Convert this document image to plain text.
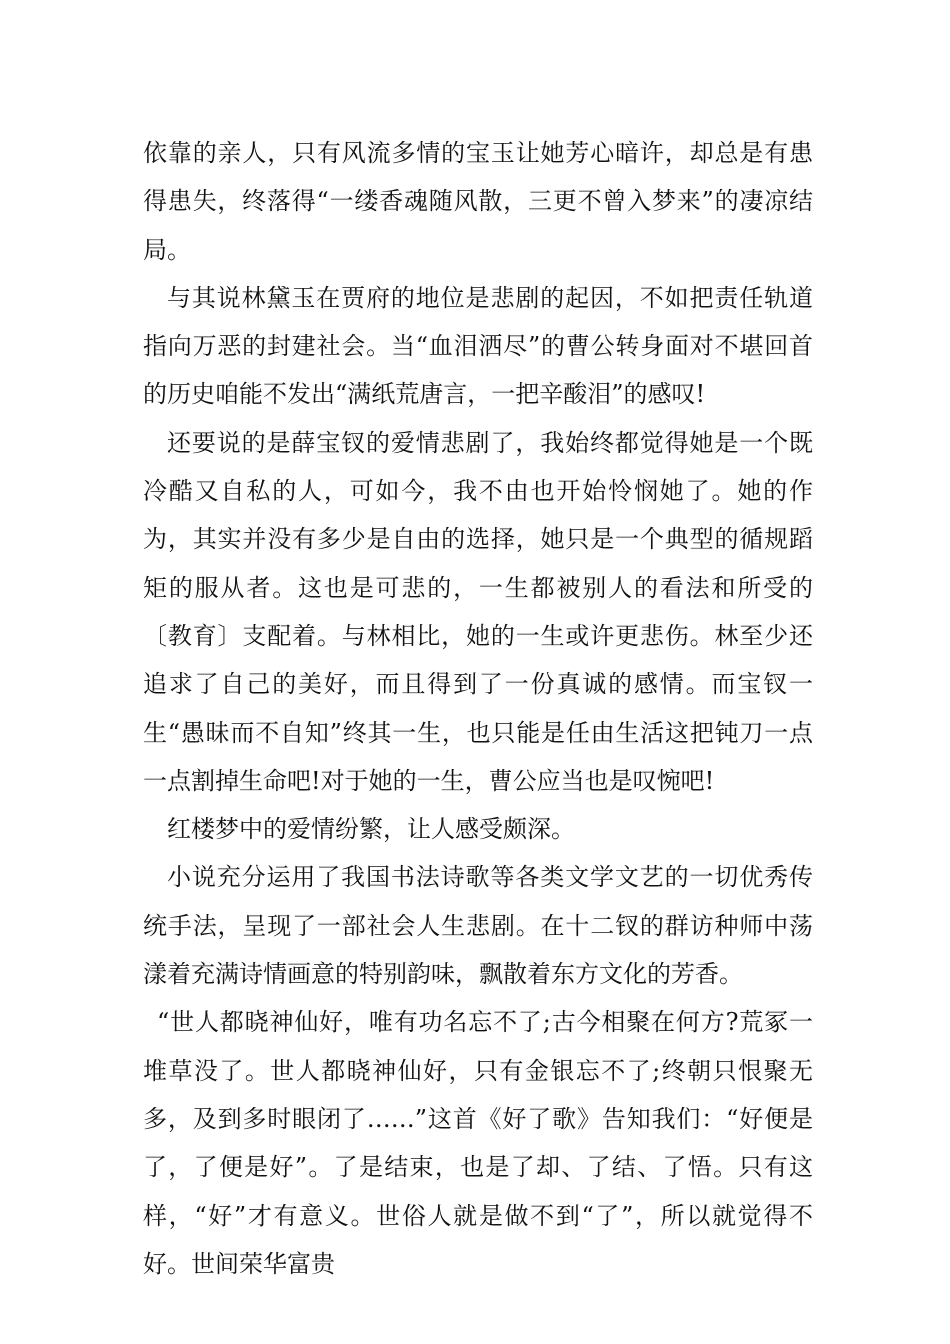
依靠的亲人，只有风流多情的宝玉让她芳心暗许，却总是有患得患失，终落得“一缕香魂随风散，三更不曾入梦来”的凄凉结局。

与其说林黛玉在贾府的地位是悲剧的起因，不如把责任轨道指向万恶的封建社会。当“血泪洒尽”的曹公转身面对不堪回首的历史咱能不发出“满纸荒唐言，一把辛酸泪”的感叹!

还要说的是薛宝钗的爱情悲剧了，我始终都觉得她是一个既冷酷又自私的人，可如今，我不由也开始怜悯她了。她的作为，其实并没有多少是自由的选择，她只是一个典型的循规蹈矩的服从者。这也是可悲的，一生都被别人的看法和所受的〔教育〕支配着。与林相比，她的一生或许更悲伤。林至少还追求了自己的美好，而且得到了一份真诚的感情。而宝钗一生“愚昧而不自知”终其一生，也只能是任由生活这把钝刀一点一点割掉生命吧!对于她的一生，曹公应当也是叹惋吧!

红楼梦中的爱情纷繁，让人感受颇深。

小说充分运用了我国书法诗歌等各类文学文艺的一切优秀传统手法，呈现了一部社会人生悲剧。在十二钗的群访种师中荡漾着充满诗情画意的特别韵味，飘散着东方文化的芳香。

“世人都晓神仙好，唯有功名忘不了;古今相聚在何方?荒冢一堆草没了。世人都晓神仙好，只有金银忘不了;终朝只恨聚无多，及到多时眼闭了……”这首《好了歌》告知我们：“好便是了，了便是好”。了是结束，也是了却、了结、了悟。只有这样，“好”才有意义。世俗人就是做不到“了”，所以就觉得不好。世间荣华富贵
